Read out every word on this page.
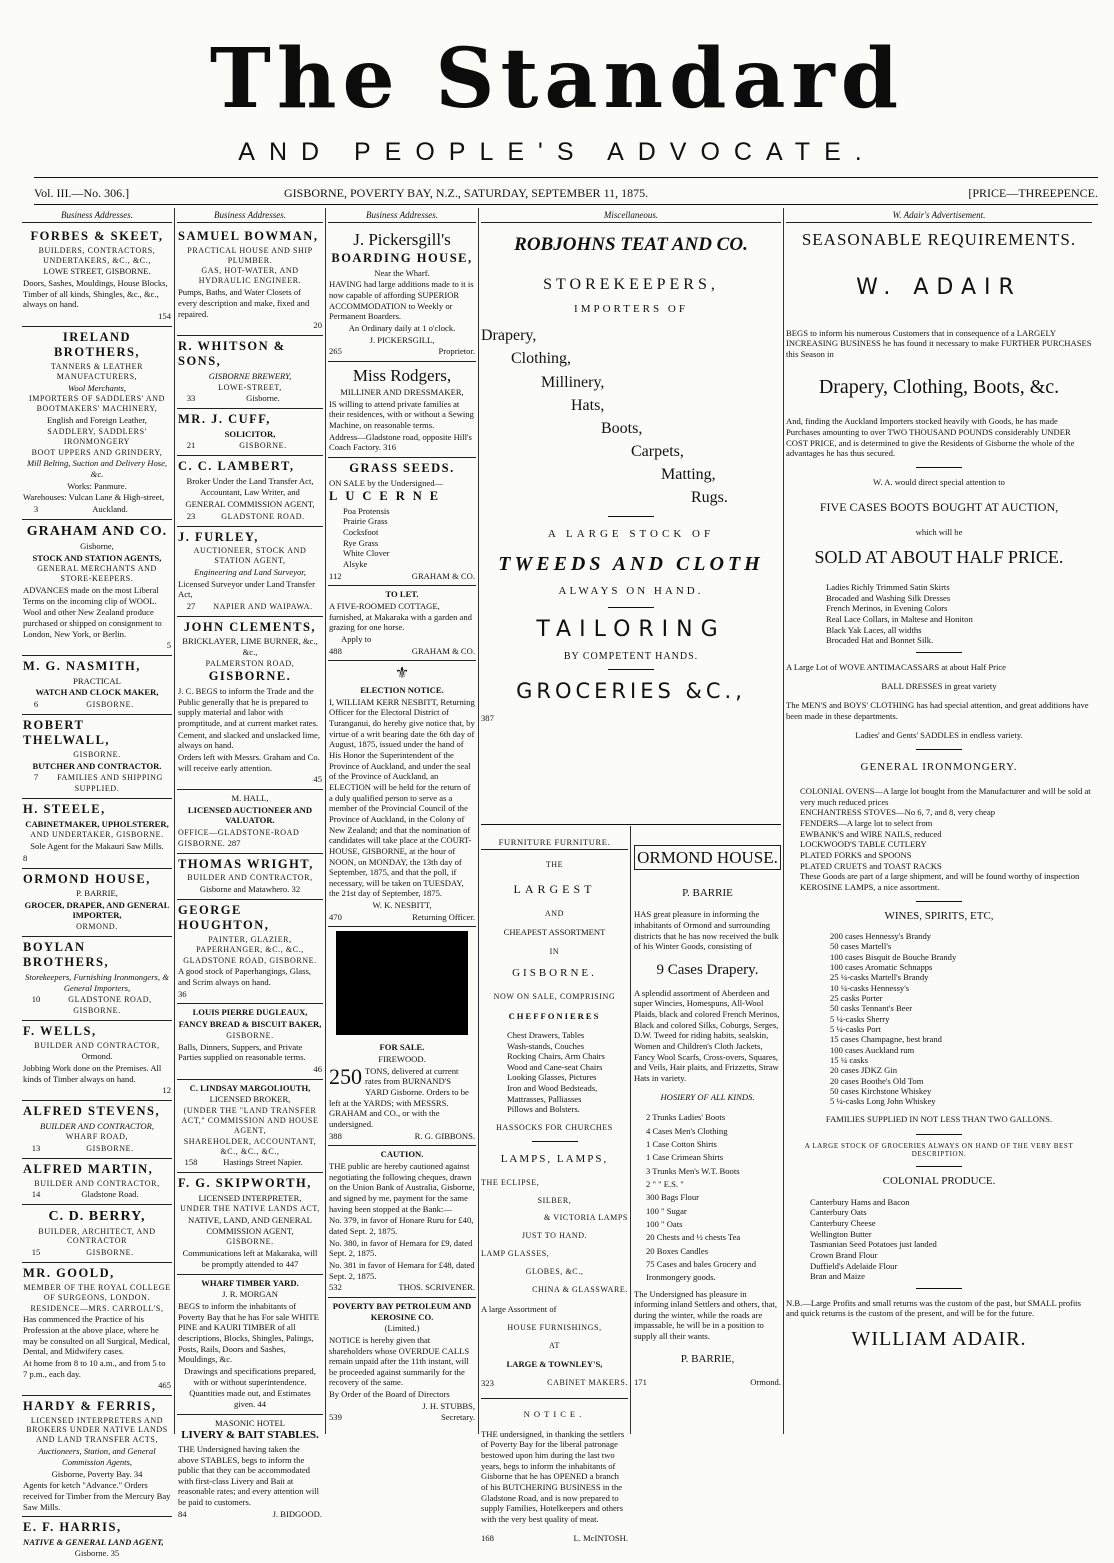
The Standard
AND PEOPLE'S ADVOCATE.
Vol. III.—No. 306.]	GISBORNE, POVERTY BAY, N.Z., SATURDAY, SEPTEMBER 11, 1875.	[PRICE—THREEPENCE.
Business Addresses.

FORBES & SKEET,

BUILDERS, CONTRACTORS, UNDERTAKERS, &C., &C.,

LOWE STREET, GISBORNE.

Doors, Sashes, Mouldings, House Blocks, Timber of all kinds, Shingles, &c., &c., always on hand.

154

IRELAND BROTHERS,

TANNERS & LEATHER MANUFACTURERS,

Wool Merchants,

IMPORTERS OF SADDLERS' AND BOOTMAKERS' MACHINERY,

English and Foreign Leather,

SADDLERY, SADDLERS' IRONMONGERY

BOOT UPPERS AND GRINDERY,

Mill Belting, Suction and Delivery Hose, &c.

Works: Panmure.

Warehouses: Vulcan Lane & High-street,

3	Auckland.

GRAHAM AND CO.

Gisborne,

STOCK AND STATION AGENTS,

GENERAL MERCHANTS AND STORE-KEEPERS.

ADVANCES made on the most Liberal Terms on the incoming clip of WOOL.

Wool and other New Zealand produce purchased or shipped on consignment to London, New York, or Berlin.

5

M. G. NASMITH,

PRACTICAL

WATCH AND CLOCK MAKER,

6	GISBORNE.

ROBERT THELWALL,

GISBORNE.

BUTCHER AND CONTRACTOR.

7	FAMILIES AND SHIPPING SUPPLIED.

H. STEELE,

CABINETMAKER, UPHOLSTERER,

AND UNDERTAKER, GISBORNE.

Sole Agent for the Makauri Saw Mills.

8

ORMOND HOUSE,

P. BARRIE,

GROCER, DRAPER, AND GENERAL IMPORTER,

ORMOND.

BOYLAN BROTHERS,

Storekeepers, Furnishing Ironmongers, & General Importers,

10	GLADSTONE ROAD, GISBORNE.

F. WELLS,

BUILDER AND CONTRACTOR,

Ormond.

Jobbing Work done on the Premises. All kinds of Timber always on hand.

12

ALFRED STEVENS,

BUILDER AND CONTRACTOR,

WHARF ROAD,

13	GISBORNE.

ALFRED MARTIN,

BUILDER AND CONTRACTOR,

14	Gladstone Road.

C. D. BERRY,

BUILDER, ARCHITECT, AND CONTRACTOR

15	GISBORNE.

MR. GOOLD,

MEMBER OF THE ROYAL COLLEGE OF SURGEONS, LONDON.

RESIDENCE—MRS. CARROLL'S,

Has commenced the Practice of his Profession at the above place, where he may be consulted on all Surgical, Medical, Dental, and Midwifery cases.

At home from 8 to 10 a.m., and from 5 to 7 p.m., each day.

465

HARDY & FERRIS,

LICENSED INTERPRETERS AND BROKERS UNDER NATIVE LANDS AND LAND TRANSFER ACTS,

Auctioneers, Station, and General Commission Agents,

Gisborne, Poverty Bay. 34

Agents for ketch "Advance." Orders received for Timber from the Mercury Bay Saw Mills.

E. F. HARRIS,

NATIVE & GENERAL LAND AGENT,

Gisborne. 35

Business Addresses.

SAMUEL BOWMAN,

PRACTICAL HOUSE AND SHIP PLUMBER.

GAS, HOT-WATER, AND HYDRAULIC ENGINEER.

Pumps, Baths, and Water Closets of every description and make, fixed and repaired.

20

R. WHITSON & SONS,

GISBORNE BREWERY,

LOWE-STREET,

33	Gisborne.

MR. J. CUFF,

SOLICITOR,

21	GISBORNE.

C. C. LAMBERT,

Broker Under the Land Transfer Act,

Accountant, Law Writer, and

GENERAL COMMISSION AGENT,

23	GLADSTONE ROAD.

J. FURLEY,

AUCTIONEER, STOCK AND STATION AGENT,

Engineering and Land Surveyor,

Licensed Surveyor under Land Transfer Act,

27	NAPIER AND WAIPAWA.

JOHN CLEMENTS,

BRICKLAYER, LIME BURNER, &c., &c.,

PALMERSTON ROAD,

GISBORNE.

J. C. BEGS to inform the Trade and the Public generally that he is prepared to supply material and labor with promptitude, and at current market rates.

Cement, and slacked and unslacked lime, always on hand.

Orders left with Messrs. Graham and Co. will receive early attention.

45

M. HALL,

LICENSED AUCTIONEER AND VALUATOR.

OFFICE—GLADSTONE-ROAD GISBORNE. 287

THOMAS WRIGHT,

BUILDER AND CONTRACTOR,

Gisborne and Matawhero. 32

GEORGE HOUGHTON,

PAINTER, GLAZIER, PAPERHANGER, &C., &C.,

GLADSTONE ROAD, GISBORNE.

A good stock of Paperhangings, Glass, and Scrim always on hand.

36

LOUIS PIERRE DUGLEAUX,

FANCY BREAD & BISCUIT BAKER,

GISBORNE.

Balls, Dinners, Suppers, and Private Parties supplied on reasonable terms.

46

C. LINDSAY MARGOLIOUTH,

LICENSED BROKER,

(UNDER THE "LAND TRANSFER ACT," COMMISSION AND HOUSE AGENT,

SHAREHOLDER, ACCOUNTANT, &C., &C., &C.,

158	Hastings Street Napier.

F. G. SKIPWORTH,

LICENSED INTERPRETER,

UNDER THE NATIVE LANDS ACT,

NATIVE, LAND, AND GENERAL COMMISSION AGENT,

GISBORNE.

Communications left at Makaraka, will be promptly attended to 447

WHARF TIMBER YARD.

J. R. MORGAN

BEGS to inform the inhabitants of Poverty Bay that he has For sale WHITE PINE and KAURI TIMBER of all descriptions, Blocks, Shingles, Palings, Posts, Rails, Doors and Sashes, Mouldings, &c.

Drawings and specifications prepared, with or without superintendence.

Quantities made out, and Estimates given. 44

MASONIC HOTEL

LIVERY & BAIT STABLES.

THE Undersigned having taken the above STABLES, begs to inform the public that they can be accommodated with first-class Livery and Bait at reasonable rates; and every attention will be paid to customers.

84	J. BIDGOOD.

Business Addresses.

J. Pickersgill's

BOARDING HOUSE,

Near the Wharf.

HAVING had large additions made to it is now capable of affording SUPERIOR ACCOMMODATION to Weekly or Permanent Boarders.

An Ordinary daily at 1 o'clock.

J. PICKERSGILL,

265	Proprietor.

Miss Rodgers,

MILLINER AND DRESSMAKER,

IS willing to attend private families at their residences, with or without a Sewing Machine, on reasonable terms.

Address—Gladstone road, opposite Hill's Coach Factory. 316

GRASS SEEDS.

ON SALE by the Undersigned—

LUCERNE

Poa Protensis
Prairie Grass
Cocksfoot
Rye Grass
White Clover
Alsyke

112	GRAHAM & CO.

TO LET.

A FIVE-ROOMED COTTAGE, furnished, at Makaraka with a garden and grazing for one horse.

Apply to

488	GRAHAM & CO.

⚜

ELECTION NOTICE.

I, WILLIAM KERR NESBITT, Returning Officer for the Electoral District of Turanganui, do hereby give notice that, by virtue of a writ bearing date the 6th day of August, 1875, issued under the hand of His Honor the Superintendent of the Province of Auckland, and under the seal of the Province of Auckland, an ELECTION will be held for the return of a duly qualified person to serve as a member of the Provincial Council of the Province of Auckland, in the Colony of New Zealand; and that the nomination of candidates will take place at the COURT-HOUSE, GISBORNE, at the hour of NOON, on MONDAY, the 13th day of September, 1875, and that the poll, if necessary, will be taken on TUESDAY, the 21st day of September, 1875.

W. K. NESBITT,

470	Returning Officer.

FOR SALE.

FIREWOOD.

250 TONS, delivered at current rates from BURNAND'S YARD Gisborne. Orders to be left at the YARDS; with MESSRS. GRAHAM and CO., or with the undersigned.

388	R. G. GIBBONS.

CAUTION.

THE public are hereby cautioned against negotiating the following cheques, drawn on the Union Bank of Australia, Gisborne, and signed by me, payment for the same having been stopped at the Bank:—

No. 379, in favor of Honare Ruru for £40, dated Sept. 2, 1875.

No. 380, in favor of Hemara for £9, dated Sept. 2, 1875.

No. 381 in favor of Hemara for £48, dated Sept. 2, 1875.

532	THOS. SCRIVENER.

POVERTY BAY PETROLEUM AND KEROSINE CO.

(Limited.)

NOTICE is hereby given that shareholders whose OVERDUE CALLS remain unpaid after the 11th instant, will be proceeded against summarily for the recovery of the same.

By Order of the Board of Directors

J. H. STUBBS,

539	Secretary.

Miscellaneous.

ROBJOHNS TEAT AND CO.

STOREKEEPERS,

IMPORTERS OF

Drapery,
Clothing,
Millinery,
Hats,
Boots,
Carpets,
Matting,
Rugs.

A LARGE STOCK OF

TWEEDS AND CLOTH

ALWAYS ON HAND.

TAILORING

BY COMPETENT HANDS.

GROCERIES &C.,

387

FURNITURE FURNITURE.

THE

LARGEST

AND

CHEAPEST ASSORTMENT

IN

GISBORNE.

NOW ON SALE, COMPRISING

CHEFFONIERES

Chest Drawers, Tables
Wash-stands, Couches
Rocking Chairs, Arm Chairs
Wood and Cane-seat Chairs
Looking Glasses, Pictures
Iron and Wood Bedsteads,
Mattrasses, Palliasses
Pillows and Bolsters.

HASSOCKS FOR CHURCHES

LAMPS, LAMPS,

THE ECLIPSE,

SILBER,

& VICTORIA LAMPS

JUST TO HAND.

LAMP GLASSES,

GLOBES, &C.,

CHINA & GLASSWARE.

A large Assortment of

HOUSE FURNISHINGS,

AT

LARGE & TOWNLEY'S,

323	CABINET MAKERS.

NOTICE.

THE undersigned, in thanking the settlers of Poverty Bay for the liberal patronage bestowed upon him during the last two years, begs to inform the inhabitants of Gisborne that he has OPENED a branch of his BUTCHERING BUSINESS in the Gladstone Road, and is now prepared to supply Families, Hotelkeepers and others with the very best quality of meat.

168	L. McINTOSH.

ORMOND HOUSE.

P. BARRIE

HAS great pleasure in informing the inhabitants of Ormond and surrounding districts that he has now received the bulk of his Winter Goods, consisting of

9 Cases Drapery.

A splendid assortment of Aberdeen and super Wincies, Homespuns, All-Wool Plaids, black and colored French Merinos, Black and colored Silks, Coburgs, Serges, D.W. Tweed for riding habits, sealskin, Women and Children's Cloth Jackets, Fancy Wool Scarfs, Cross-overs, Squares, and Veils, Hair plaits, and Frizzetts, Straw Hats in variety.

HOSIERY OF ALL KINDS.

2 Trunks Ladies' Boots
4 Cases Men's Clothing
1 Case Cotton Shirts
1 Case Crimean Shirts
3 Trunks Men's W.T. Boots
2 " " E.S. "
300 Bags Flour
100 " Sugar
100 " Oats
20 Chests and ½ chests Tea
20 Boxes Candles
75 Cases and bales Grocery and Ironmongery goods.

The Undersigned has pleasure in informing inland Settlers and others, that, during the winter, while the roads are impassable, he will be in a position to supply all their wants.

P. BARRIE,

171	Ormond.

W. Adair's Advertisement.

SEASONABLE REQUIREMENTS.

W. ADAIR

BEGS to inform his numerous Customers that in consequence of a LARGELY INCREASING BUSINESS he has found it necessary to make FURTHER PURCHASES this Season in

Drapery, Clothing, Boots, &c.

And, finding the Auckland Importers stocked heavily with Goods, he has made Purchases amounting to over TWO THOUSAND POUNDS considerably UNDER COST PRICE, and is determined to give the Residents of Gisborne the whole of the advantages he has thus secured.

W. A. would direct special attention to

FIVE CASES BOOTS BOUGHT AT AUCTION,

which will be

SOLD AT ABOUT HALF PRICE.

Ladies Richly Trimmed Satin Skirts
Brocaded and Washing Silk Dresses
French Merinos, in Evening Colors
Real Lace Collars, in Maltese and Honiton
Black Yak Laces, all widths
Brocaded Hat and Bonnet Silk.

A Large Lot of WOVE ANTIMACASSARS at about Half Price

BALL DRESSES in great variety

The MEN'S and BOYS' CLOTHING has had special attention, and great additions have been made in these departments.

Ladies' and Gents' SADDLES in endless variety.

GENERAL IRONMONGERY.

COLONIAL OVENS—A large lot bought from the Manufacturer and will be sold at very much reduced prices
ENCHANTRESS STOVES—No 6, 7, and 8, very cheap
FENDERS—A large lot to select from
EWBANK'S and WIRE NAILS, reduced
LOCKWOOD'S TABLE CUTLERY
PLATED FORKS and SPOONS
PLATED CRUETS and TOAST RACKS
These Goods are part of a large shipment, and will be found worthy of inspection
KEROSINE LAMPS, a nice assortment.

WINES, SPIRITS, ETC,

200 cases Hennessy's Brandy
50 cases Martell's
100 cases Bisquit de Bouche Brandy
100 cases Aromatic Schnapps
25 ¼-casks Martell's Brandy
10 ¼-casks Hennessy's
25 casks Porter
50 casks Tennant's Beer
5 ¼-casks Sherry
5 ¼-casks Port
15 cases Champagne, best brand
100 cases Auckland rum
15 ¼ casks
20 cases JDKZ Gin
20 cases Boothe's Old Tom
50 cases Kirchstone Whiskey
5 ¼-casks Long John Whiskey

FAMILIES SUPPLIED IN NOT LESS THAN TWO GALLONS.

A LARGE STOCK OF GROCERIES ALWAYS ON HAND OF THE VERY BEST DESCRIPTION.

COLONIAL PRODUCE.

Canterbury Hams and Bacon
Canterbury Oats
Canterbury Cheese
Wellington Butter
Tasmanian Seed Potatoes just landed
Crown Brand Flour
Duffield's Adelaide Flour
Bran and Maize

N.B.—Large Profits and small returns was the custom of the past, but SMALL profits and quick returns is the custom of the present, and will be for the future.

WILLIAM ADAIR.
